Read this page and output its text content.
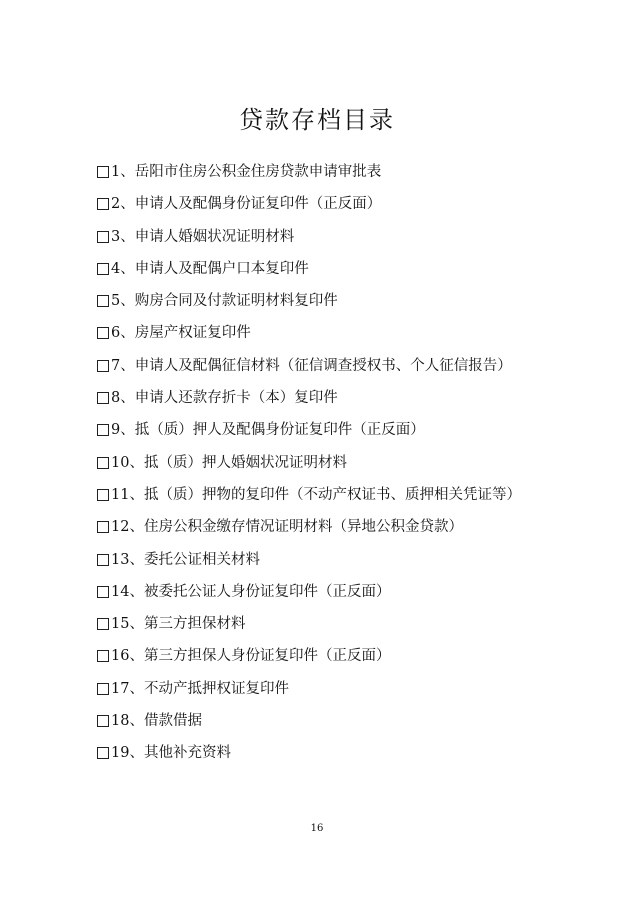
贷款存档目录
1、 岳阳市住房公积金住房贷款申请审批表
2、 申请人及配偶身份证复印件（正反面）
3、 申请人婚姻状况证明材料
4、 申请人及配偶户口本复印件
5、 购房合同及付款证明材料复印件
6、 房屋产权证复印件
7、 申请人及配偶征信材料（征信调查授权书、个人征信报告）
8、 申请人还款存折卡（本）复印件
9、 抵（质）押人及配偶身份证复印件（正反面）
10、 抵（质）押人婚姻状况证明材料
11、 抵（质）押物的复印件（不动产权证书、质押相关凭证等）
12、 住房公积金缴存情况证明材料（异地公积金贷款）
13、 委托公证相关材料
14、 被委托公证人身份证复印件（正反面）
15、 第三方担保材料
16、 第三方担保人身份证复印件（正反面）
17、 不动产抵押权证复印件
18、 借款借据
19、 其他补充资料
16
